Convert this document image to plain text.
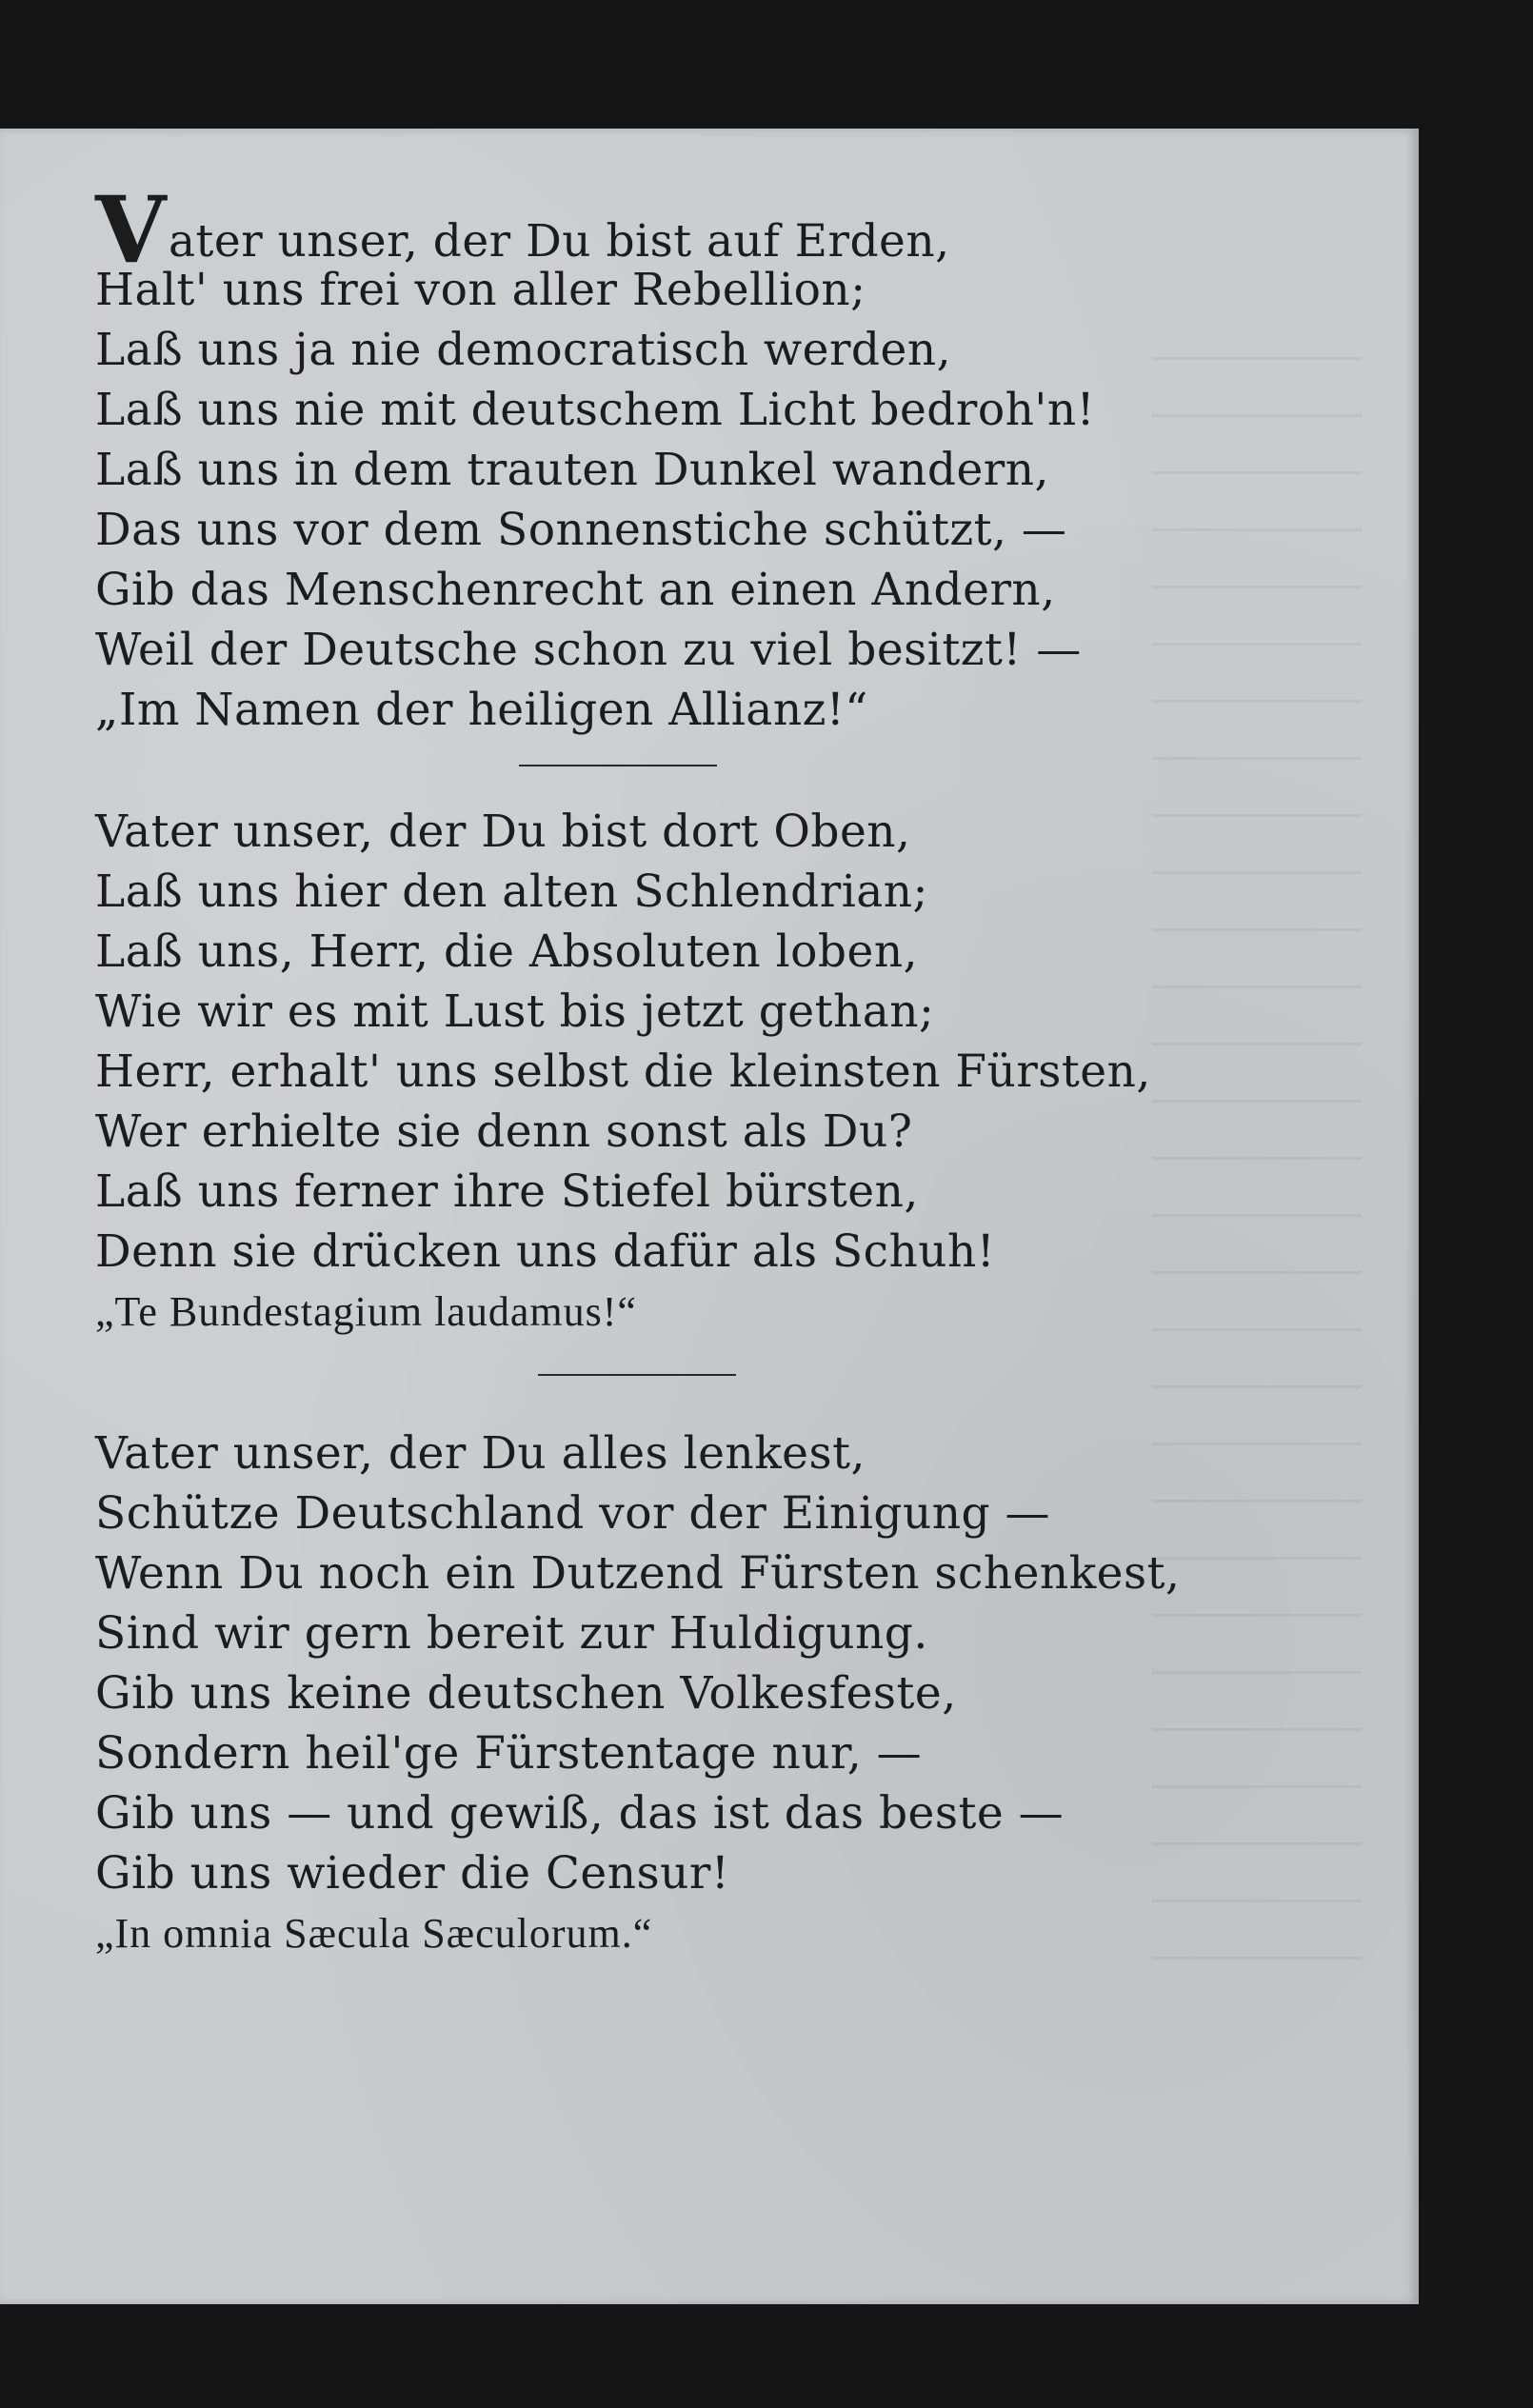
Vater unser, der Du bist auf Erden,
Halt' uns frei von aller Rebellion;
Laß uns ja nie democratisch werden,
Laß uns nie mit deutschem Licht bedroh'n!
Laß uns in dem trauten Dunkel wandern,
Das uns vor dem Sonnenstiche schützt, —
Gib das Menschenrecht an einen Andern,
Weil der Deutsche schon zu viel besitzt! —
„Im Namen der heiligen Allianz!“
Vater unser, der Du bist dort Oben,
Laß uns hier den alten Schlendrian;
Laß uns, Herr, die Absoluten loben,
Wie wir es mit Lust bis jetzt gethan;
Herr, erhalt' uns selbst die kleinsten Fürsten,
Wer erhielte sie denn sonst als Du?
Laß uns ferner ihre Stiefel bürsten,
Denn sie drücken uns dafür als Schuh!
„Te Bundestagium laudamus!“
Vater unser, der Du alles lenkest,
Schütze Deutschland vor der Einigung —
Wenn Du noch ein Dutzend Fürsten schenkest,
Sind wir gern bereit zur Huldigung.
Gib uns keine deutschen Volkesfeste,
Sondern heil'ge Fürstentage nur, —
Gib uns — und gewiß, das ist das beste —
Gib uns wieder die Censur!
„In omnia Sæcula Sæculorum.“
